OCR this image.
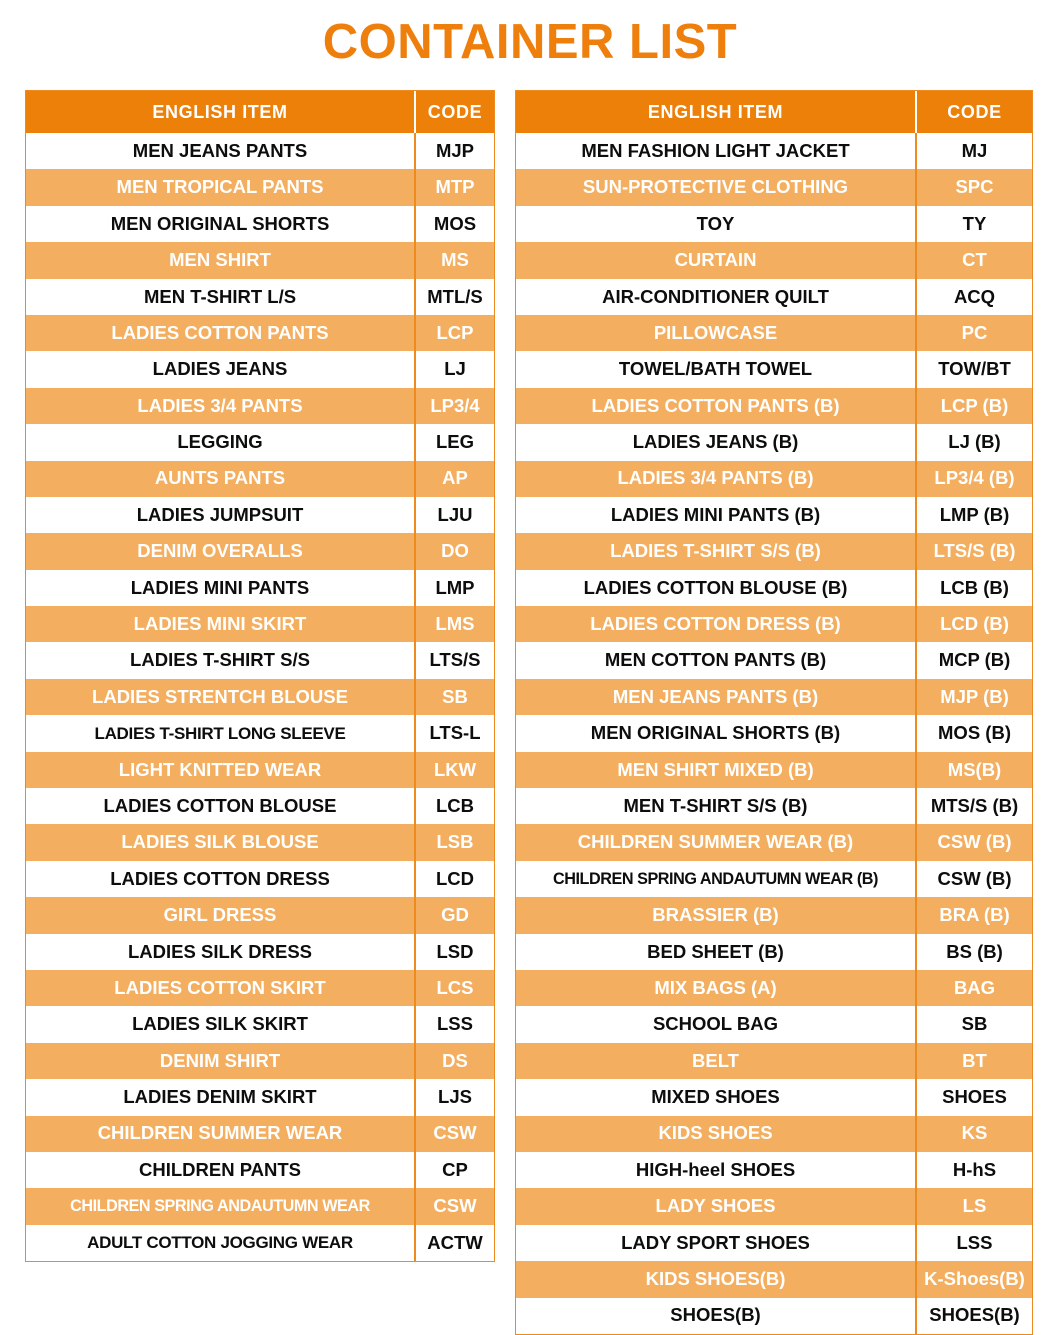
CONTAINER LIST
ENGLISH ITEM	CODE
MEN JEANS PANTS	MJP
MEN TROPICAL PANTS	MTP
MEN ORIGINAL SHORTS	MOS
MEN SHIRT	MS
MEN T-SHIRT L/S	MTL/S
LADIES COTTON PANTS	LCP
LADIES JEANS	LJ
LADIES 3/4 PANTS	LP3/4
LEGGING	LEG
AUNTS PANTS	AP
LADIES JUMPSUIT	LJU
DENIM OVERALLS	DO
LADIES MINI PANTS	LMP
LADIES MINI SKIRT	LMS
LADIES T-SHIRT S/S	LTS/S
LADIES STRENTCH BLOUSE	SB
LADIES T-SHIRT LONG SLEEVE	LTS-L
LIGHT KNITTED WEAR	LKW
LADIES COTTON BLOUSE	LCB
LADIES SILK BLOUSE	LSB
LADIES COTTON DRESS	LCD
GIRL DRESS	GD
LADIES SILK DRESS	LSD
LADIES COTTON SKIRT	LCS
LADIES SILK SKIRT	LSS
DENIM SHIRT	DS
LADIES DENIM SKIRT	LJS
CHILDREN SUMMER WEAR	CSW
CHILDREN PANTS	CP
CHILDREN SPRING ANDAUTUMN WEAR	CSW
ADULT COTTON JOGGING WEAR	ACTW
ENGLISH ITEM	CODE
MEN FASHION LIGHT JACKET	MJ
SUN-PROTECTIVE CLOTHING	SPC
TOY	TY
CURTAIN	CT
AIR-CONDITIONER QUILT	ACQ
PILLOWCASE	PC
TOWEL/BATH TOWEL	TOW/BT
LADIES COTTON PANTS (B)	LCP (B)
LADIES JEANS (B)	LJ (B)
LADIES 3/4 PANTS (B)	LP3/4 (B)
LADIES MINI PANTS (B)	LMP (B)
LADIES T-SHIRT S/S (B)	LTS/S (B)
LADIES COTTON BLOUSE (B)	LCB (B)
LADIES COTTON DRESS (B)	LCD (B)
MEN COTTON PANTS (B)	MCP (B)
MEN JEANS PANTS (B)	MJP (B)
MEN ORIGINAL SHORTS (B)	MOS (B)
MEN SHIRT MIXED (B)	MS(B)
MEN T-SHIRT S/S (B)	MTS/S (B)
CHILDREN SUMMER WEAR (B)	CSW (B)
CHILDREN SPRING ANDAUTUMN WEAR (B)	CSW (B)
BRASSIER (B)	BRA (B)
BED SHEET (B)	BS (B)
MIX BAGS (A)	BAG
SCHOOL BAG	SB
BELT	BT
MIXED SHOES	SHOES
KIDS SHOES	KS
HIGH-heel SHOES	H-hS
LADY SHOES	LS
LADY SPORT SHOES	LSS
KIDS SHOES(B)	K-Shoes(B)
SHOES(B)	SHOES(B)
